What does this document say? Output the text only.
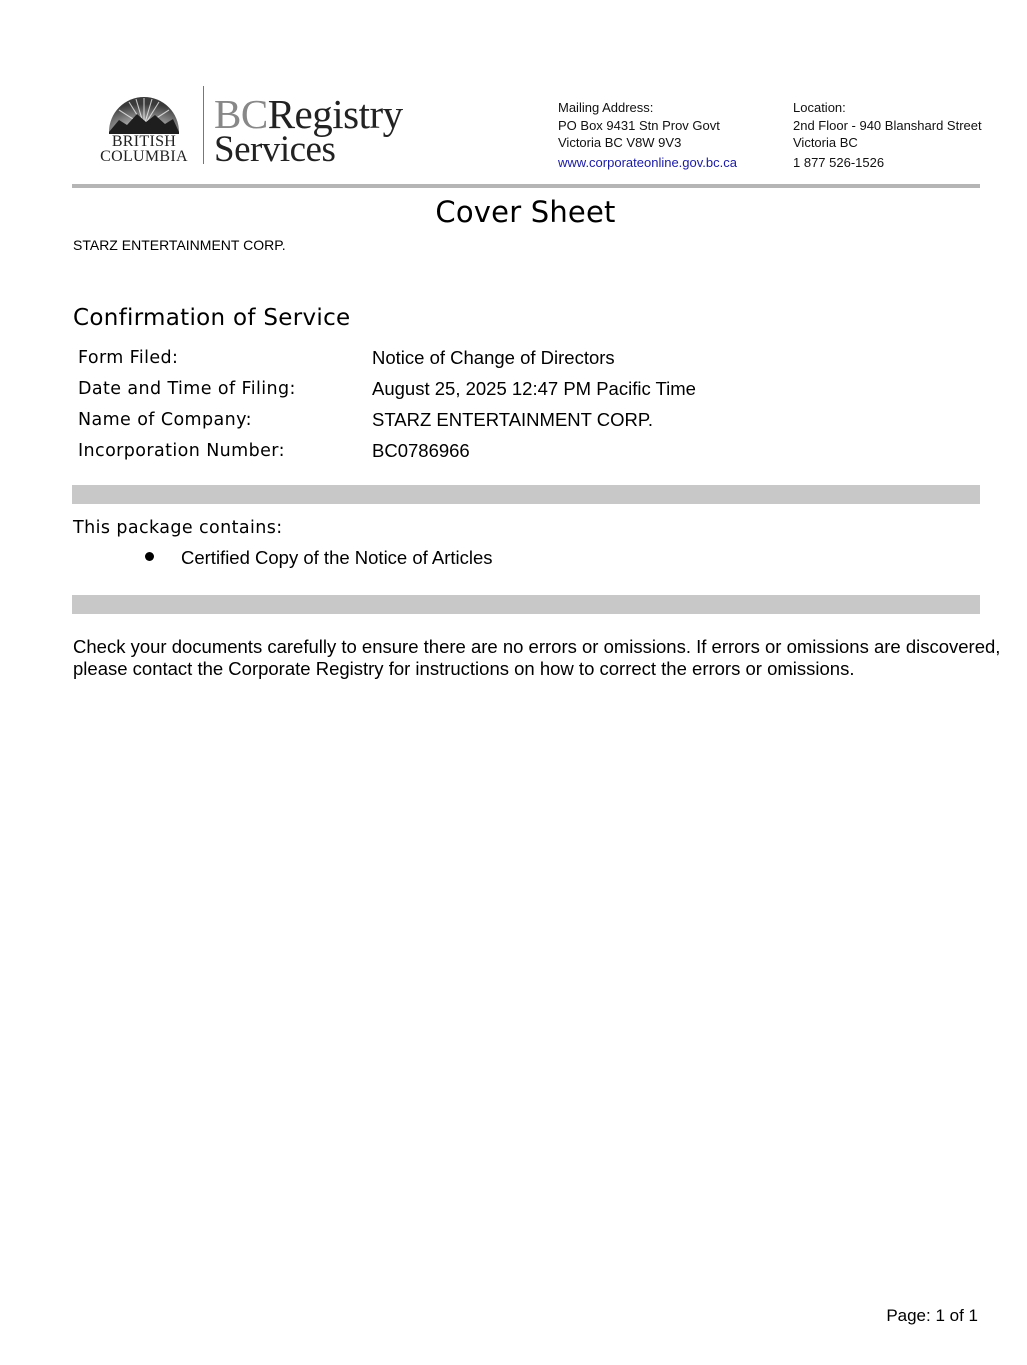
BRITISH
COLUMBIA
BCRegistry
Services
Mailing Address:
PO Box 9431 Stn Prov Govt
Victoria BC V8W 9V3
www.corporateonline.gov.bc.ca
Location:
2nd Floor - 940 Blanshard Street
Victoria BC
1 877 526-1526
Cover Sheet
STARZ ENTERTAINMENT CORP.
Confirmation of Service
Form Filed:	Notice of Change of Directors
Date and Time of Filing:	August 25, 2025 12:47 PM Pacific Time
Name of Company:	STARZ ENTERTAINMENT CORP.
Incorporation Number:	BC0786966
This package contains:
Certified Copy of the Notice of Articles
Check your documents carefully to ensure there are no errors or omissions. If errors or omissions are discovered, please contact the Corporate Registry for instructions on how to correct the errors or omissions.
Page: 1 of 1
